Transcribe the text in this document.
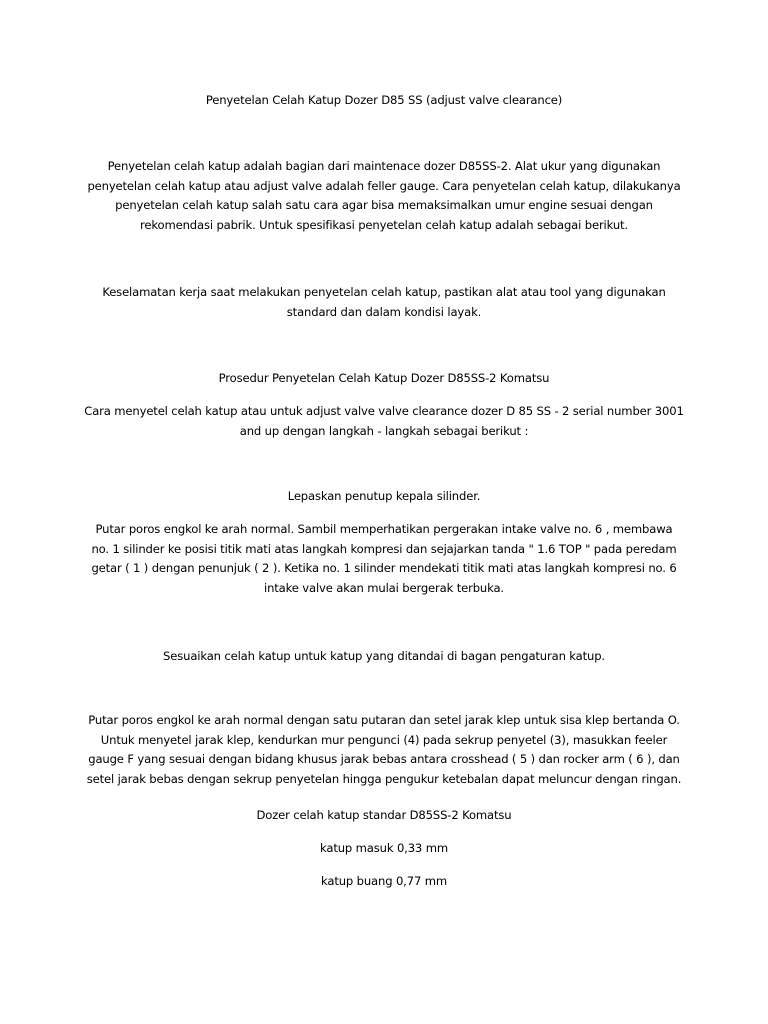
Penyetelan Celah Katup Dozer D85 SS (adjust valve clearance)

Penyetelan celah katup adalah bagian dari maintenace dozer D85SS-2. Alat ukur yang digunakan
penyetelan celah katup atau adjust valve adalah feller gauge. Cara penyetelan celah katup, dilakukanya
penyetelan celah katup salah satu cara agar bisa memaksimalkan umur engine sesuai dengan
rekomendasi pabrik. Untuk spesifikasi penyetelan celah katup adalah sebagai berikut.

Keselamatan kerja saat melakukan penyetelan celah katup, pastikan alat atau tool yang digunakan
standard dan dalam kondisi layak.

Prosedur Penyetelan Celah Katup Dozer D85SS-2 Komatsu

Cara menyetel celah katup atau untuk adjust valve valve clearance dozer D 85 SS - 2 serial number 3001
and up dengan langkah - langkah sebagai berikut :

Lepaskan penutup kepala silinder.

Putar poros engkol ke arah normal. Sambil memperhatikan pergerakan intake valve no. 6 , membawa
no. 1 silinder ke posisi titik mati atas langkah kompresi dan sejajarkan tanda " 1.6 TOP " pada peredam
getar ( 1 ) dengan penunjuk ( 2 ). Ketika no. 1 silinder mendekati titik mati atas langkah kompresi no. 6
intake valve akan mulai bergerak terbuka.

Sesuaikan celah katup untuk katup yang ditandai di bagan pengaturan katup.

Putar poros engkol ke arah normal dengan satu putaran dan setel jarak klep untuk sisa klep bertanda O.
Untuk menyetel jarak klep, kendurkan mur pengunci (4) pada sekrup penyetel (3), masukkan feeler
gauge F yang sesuai dengan bidang khusus jarak bebas antara crosshead ( 5 ) dan rocker arm ( 6 ), dan
setel jarak bebas dengan sekrup penyetelan hingga pengukur ketebalan dapat meluncur dengan ringan.

Dozer celah katup standar D85SS-2 Komatsu

katup masuk 0,33 mm

katup buang 0,77 mm
